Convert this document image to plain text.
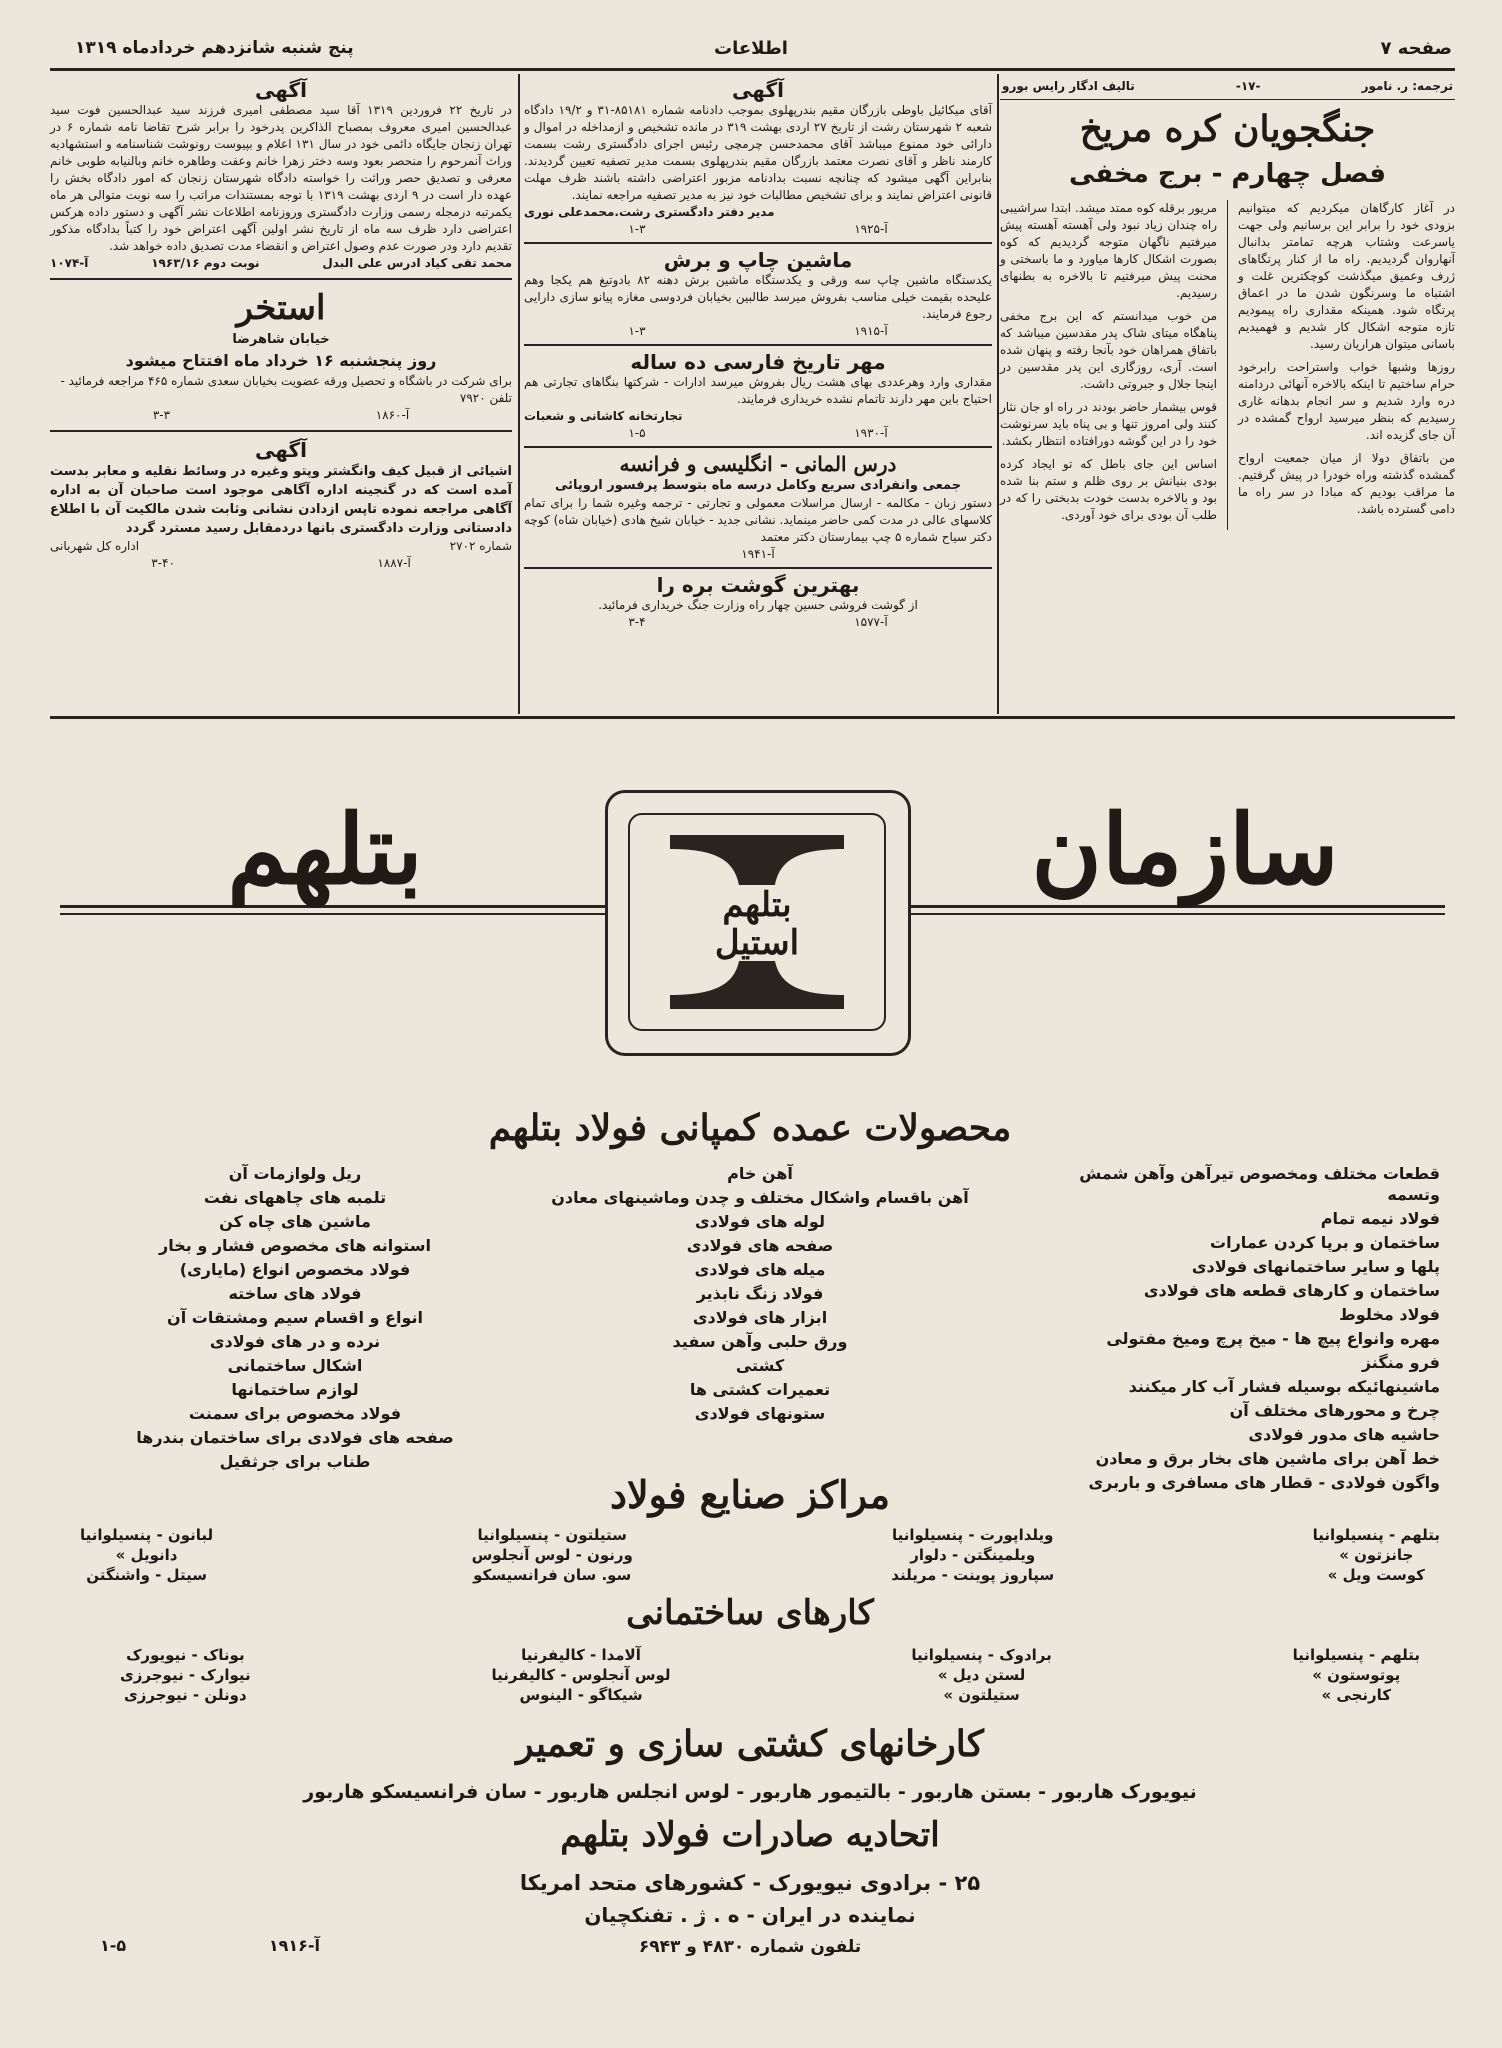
صفحه ۷
اطلاعات
پنج شنبه شانزدهم خردادماه ۱۳۱۹
ترجمه: ر. نامور
-۱۷-
تالیف ادگار رایس بورو
جنگجویان کره مریخ
فصل چهارم - برج مخفی

در آغاز کارگاهان میکردیم که میتوانیم بزودی خود را برابر این برسانیم ولی جهت یاسرعت وشتاب هرچه تمامتر بدانبال آنهاروان گردیدیم. راه ما از کنار پرتگاهای ژرف وعمیق میگذشت کوچکترین غلت و اشتباه ما وسرنگون شدن ما در اعماق پرتگاه شود. همینکه مقداری راه پیمودیم تازه متوجه اشکال کار شدیم و فهمیدیم باسانی میتوان هراریان رسید.

روزها وشبها خواب واستراحت رابرخود حرام ساختیم تا اینکه بالاخره آنهائی دردامنه دره وارد شدیم و سر انجام بدهانه غاری رسیدیم که بنظر میرسید ارواح گمشده در آن جای گزیده اند.

من باتفاق دولا از میان جمعیت ارواح گمشده گذشته وراه خودرا در پیش گرفتیم. ما مراقب بودیم که مبادا در سر راه ما دامی گسترده باشد.

مریور برقله کوه ممتد میشد. ابتدا سراشیبی راه چندان زیاد نبود ولی آهسته آهسته پیش میرفتیم ناگهان متوجه گردیدیم که کوه بصورت اشکال کارها میاورد و ما باسختی و محنت پیش میرفتیم تا بالاخره به بطنهای رسیدیم.

من خوب میدانستم که این برج مخفی پناهگاه میتای شاک پدر مقدسین میباشد که باتفاق همراهان خود بآنجا رفته و پنهان شده است. آری، روزگاری این پدر مقدسین در اینجا جلال و جبروتی داشت.

قوس بیشمار حاضر بودند در راه او جان نثار کنند ولی امروز تنها و بی پناه باید سرنوشت خود را در این گوشه دورافتاده انتظار بکشد.

اساس این جای باطل که تو ایجاد کرده بودی بنیانش بر روی ظلم و ستم بنا شده بود و بالاخره بدست خودت بدبختی را که در طلب آن بودی برای خود آوردی.

آگهی
آقای میکائیل باوطی بازرگان مقیم بندرپهلوی بموجب دادنامه شماره ۸۵۱۸۱-۳۱ و ۱۹/۲ دادگاه شعبه ۲ شهرستان رشت از تاریخ ۲۷ اردی بهشت ۳۱۹ در مانده تشخیص و ازمداخله در اموال و دارائی خود ممنوع میباشد آقای محمدحسن چرمچی رئیس اجرای دادگستری رشت بسمت کارمند ناظر و آقای نصرت معتمد بازرگان مقیم بندرپهلوی بسمت مدیر تصفیه تعیین گردیدند. بنابراین آگهی میشود که چنانچه نسبت بدادنامه مزبور اعتراضی داشته باشند ظرف مهلت قانونی اعتراض نمایند و برای تشخیص مطالبات خود نیز به مدیر تصفیه مراجعه نمایند.
مدیر دفتر دادگستری رشت.محمدعلی نوری
آ-۱۹۲۵
۱-۳
ماشین چاپ و برش
یکدستگاه ماشین چاپ سه ورقی و یکدستگاه ماشین برش دهنه ۸۲ بادوتیغ هم یکجا وهم علیحده بقیمت خیلی مناسب بفروش میرسد طالبین بخیابان فردوسی مغازه پیانو سازی دارایی رجوع فرمایند.
آ-۱۹۱۵
۱-۳
مهر تاریخ فارسی ده ساله
مقداری وارد وهرعددی بهای هشت ریال بفروش میرسد ادارات - شرکتها بنگاهای تجارتی هم احتیاج باین مهر دارند تاتمام نشده خریداری فرمایند.
تجارتخانه کاشانی و شعبات
آ-۱۹۳۰
۱-۵
درس المانی - انگلیسی و فرانسه
جمعی وانفرادی سریع وکامل درسه ماه بتوسط پرفسور اروپائی
دستور زبان - مکالمه - ارسال مراسلات معمولی و تجارتی - ترجمه وغیره شما را برای تمام کلاسهای عالی در مدت کمی حاضر مینماید. نشانی جدید - خیابان شیخ هادی (خیابان شاه) کوچه دکتر سیاح شماره ۵ چپ بیمارستان دکتر معتمد
آ-۱۹۴۱
بهترین گوشت بره را
از گوشت فروشی حسین چهار راه وزارت جنگ خریداری فرمائید.
آ-۱۵۷۷
۳-۴
آگهی
در تاریخ ۲۲ فروردین ۱۳۱۹ آقا سید مصطفی امیری فرزند سید عبدالحسین فوت سید عبدالحسین امیری معروف بمصباح الذاکرین پدرخود را برابر شرح تقاضا نامه شماره ۶ در تهران زنجان جایگاه دائمی خود در سال ۱۳۱ اعلام و بپیوست رونوشت شناسنامه و استشهادیه وراث آنمرحوم را منحصر بعود وسه دختر زهرا خانم وعفت وطاهره خانم وبالنیابه طوبی خانم معرفی و تصدیق حصر وراثت را خواسته دادگاه شهرستان زنجان که امور دادگاه بخش را عهده دار است در ۹ اردی بهشت ۱۳۱۹ با توجه بمستندات مراتب را سه نوبت متوالی هر ماه یکمرتبه درمجله رسمی وزارت دادگستری وروزنامه اطلاعات نشر آگهی و دستور داده هرکس اعتراضی دارد ظرف سه ماه از تاریخ نشر اولین آگهی اعتراض خود را کتباً بدادگاه مذکور تقدیم دارد ودر صورت عدم وصول اعتراض و انقضاء مدت تصدیق داده خواهد شد.
محمد تقی کیاد ادرس علی البدل
نوبت دوم ۱۹۶۳/۱۶
آ-۱۰۷۴
استخر
خیابان شاهرضا
روز پنجشنبه ۱۶ خرداد ماه افتتاح میشود
برای شرکت در باشگاه و تحصیل ورقه عضویت بخیابان سعدی شماره ۴۶۵ مراجعه فرمائید - تلفن ۷۹۲۰
آ-۱۸۶۰
۳-۳
آگهی
اشیائی از قبیل کیف وانگشتر وپتو وغیره در وسائط نقلیه و معابر بدست آمده است که در گنجینه اداره آگاهی موجود است صاحبان آن به اداره آگاهی مراجعه نموده تاپس ازدادن نشانی وثابت شدن مالکیت آن با اطلاع دادستانی وزارت دادگستری بانها دردمقابل رسید مسترد گردد
شماره ۲۷۰۲
اداره کل شهربانی
آ-۱۸۸۷
۳-۴۰
سازمان
بتلهم	بتلهم
استیل
محصولات عمده کمپانی فولاد بتلهم
قطعات مختلف ومخصوص تیرآهن وآهن شمش وتسمه
فولاد نیمه تمام
ساختمان و برپا کردن عمارات
پلها و سایر ساختمانهای فولادی
ساختمان و کارهای قطعه های فولادی
فولاد مخلوط
مهره وانواع پیچ ها - میخ پرچ ومیخ مفتولی
فرو منگنز
ماشینهائیکه بوسیله فشار آب کار میکنند
چرخ و محورهای مختلف آن
حاشیه های مدور فولادی
خط آهن برای ماشین های بخار برق و معادن
واگون فولادی - قطار های مسافری و باربری
آهن خام
آهن باقسام واشکال مختلف و چدن وماشینهای معادن
لوله های فولادی
صفحه های فولادی
میله های فولادی
فولاد زنگ نابذیر
ابزار های فولادی
ورق حلبی وآهن سفید
کشتی
تعمیرات کشتی ها
ستونهای فولادی
ریل ولوازمات آن
تلمبه های چاههای نفت
ماشین های چاه کن
استوانه های مخصوص فشار و بخار
فولاد مخصوص انواع (مایاری)
فولاد های ساخته
انواع و اقسام سیم ومشتقات آن
نرده و در های فولادی
اشکال ساختمانی
لوازم ساختمانها
فولاد مخصوص برای سمنت
صفحه های فولادی برای ساختمان بندرها
طناب برای جرثقیل
مراکز صنایع فولاد
بتلهم - پنسیلوانیا
جانزتون »
کوست ویل »
ویلداپورت - پنسیلوانیا
ویلمینگتن - دلوار
سپاروز پوینت - مریلند
ستیلتون - پنسیلوانیا
ورنون - لوس آنجلوس
سو. سان فرانسیسکو
لبانون - پنسیلوانیا
دانویل »
سیتل - واشنگتن
کارهای ساختمانی
بتلهم - پنسیلوانیا
پوتوستون »
کارنجی »
برادوک - پنسیلوانیا
لستن دیل »
ستیلتون »
آلامدا - کالیفرنیا
لوس آنجلوس - کالیفرنیا
شیکاگو - الینوس
بوناک - نیویورک
نیوارک - نیوجرزی
دونلن - نیوجرزی
کارخانهای کشتی سازی و تعمیر
نیویورک هاربور - بستن هاربور - بالتیمور هاربور - لوس انجلس هاربور - سان فرانسیسکو هاربور
اتحادیه صادرات فولاد بتلهم
۲۵ - برادوی نیویورک - کشورهای متحد امریکا
نماینده در ایران - ه . ژ . تفنکچیان
تلفون شماره ۴۸۳۰ و ۶۹۴۳
آ-۱۹۱۶
۱-۵
